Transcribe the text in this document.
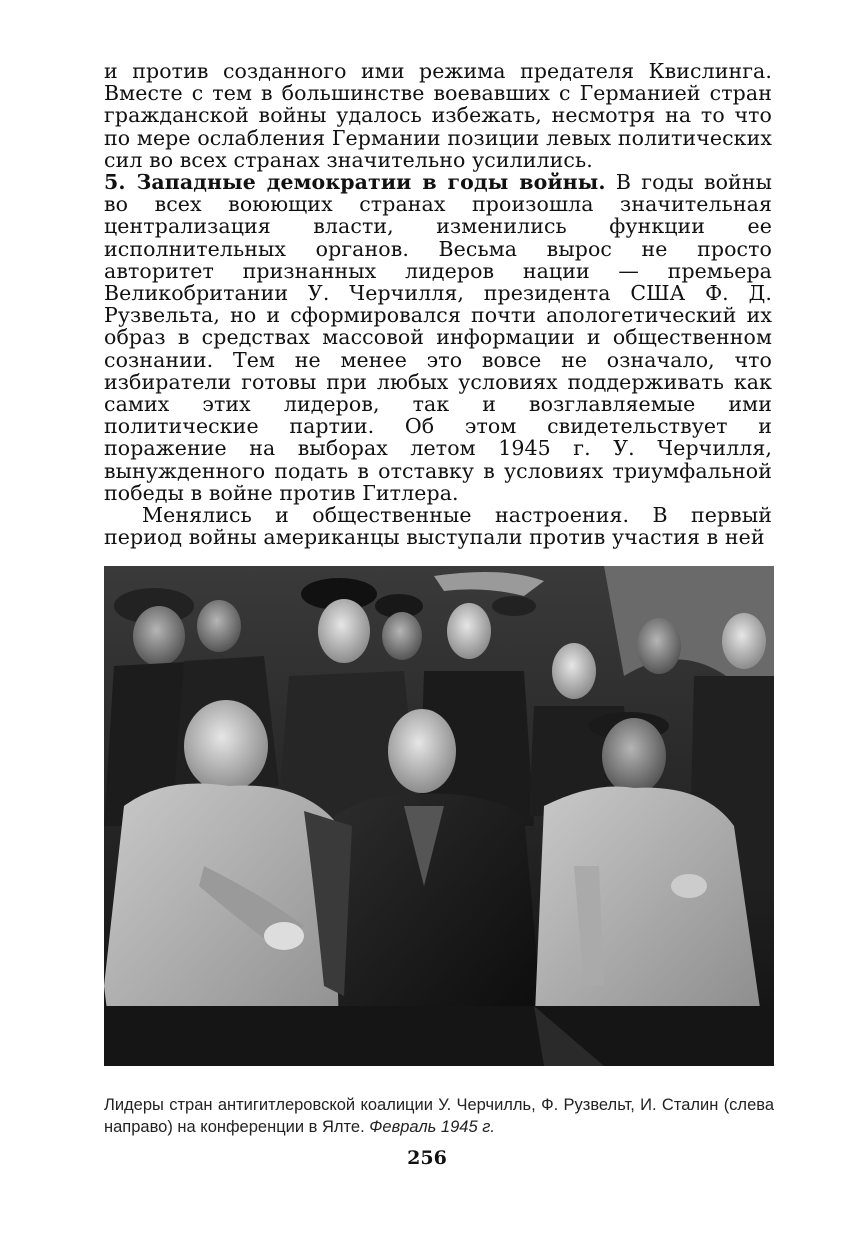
и против созданного ими режима предателя Квислинга. Вместе с тем в большинстве воевавших с Германией стран гражданской войны удалось избежать, несмотря на то что по мере ослабления Германии позиции левых политических сил во всех странах значительно усилились.

5. Западные демократии в годы войны. В годы войны во всех воюющих странах произошла значительная централизация власти, изменились функции ее исполнительных органов. Весьма вырос не просто авторитет признанных лидеров нации — премьера Великобритании У. Черчилля, президента США Ф. Д. Рузвельта, но и сформировался почти апологетический их образ в средствах массовой информации и общественном сознании. Тем не менее это вовсе не означало, что избиратели готовы при любых условиях поддерживать как самих этих лидеров, так и возглавляемые ими политические партии. Об этом свидетельствует и поражение на выборах летом 1945 г. У. Черчилля, вынужденного подать в отставку в условиях триумфальной победы в войне против Гитлера.

Менялись и общественные настроения. В первый период войны американцы выступали против участия в ней

Лидеры стран антигитлеровской коалиции У. Черчилль, Ф. Рузвельт, И. Сталин (слева направо) на конференции в Ялте. Февраль 1945 г.
256
